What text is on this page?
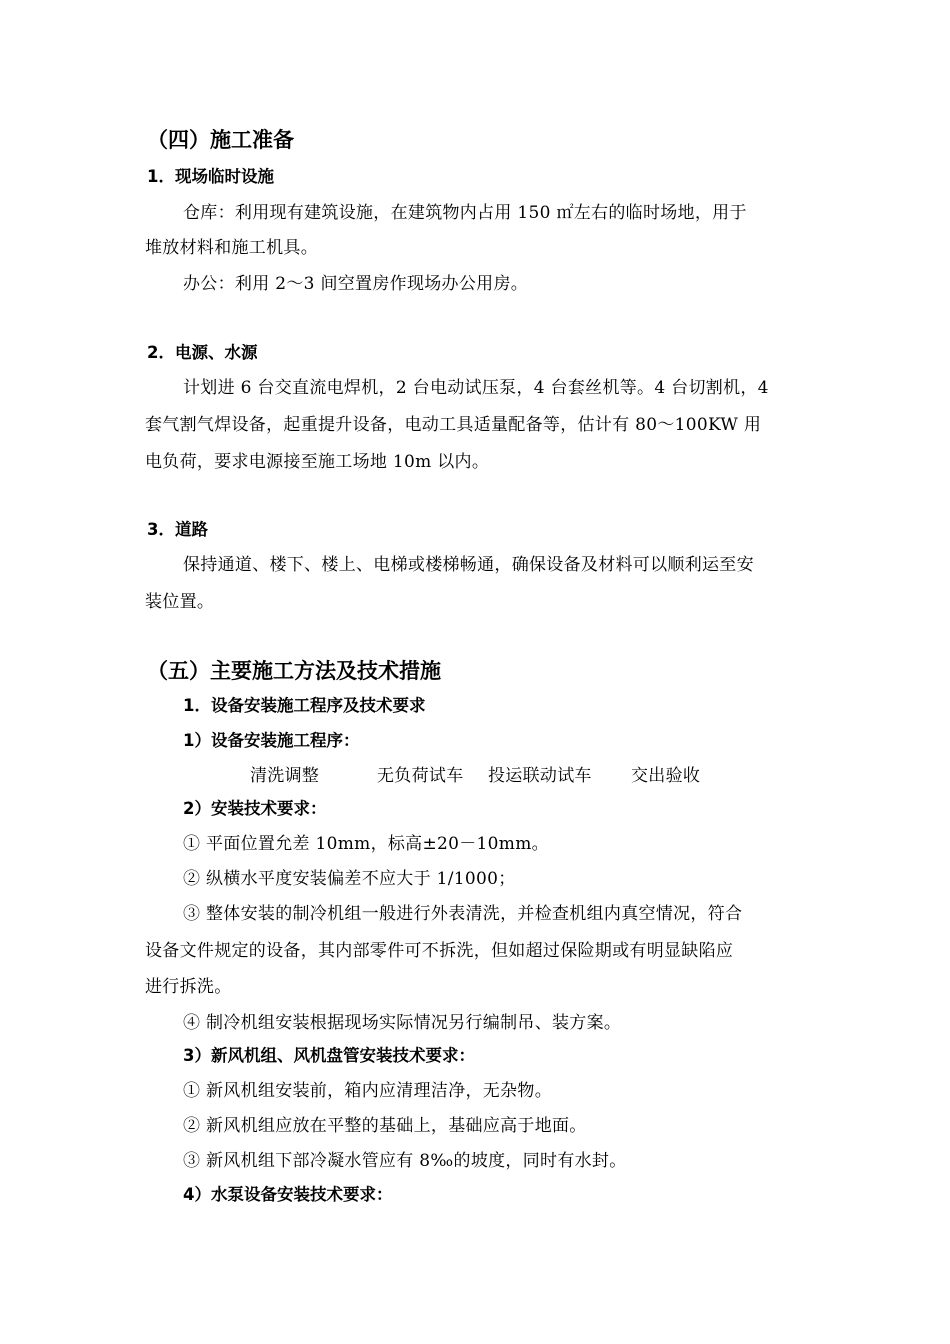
（四）施工准备
1．现场临时设施
仓库：利用现有建筑设施，在建筑物内占用 150 ㎡左右的临时场地，用于
堆放材料和施工机具。
办公：利用 2～3 间空置房作现场办公用房。
2．电源、水源
计划进 6 台交直流电焊机，2 台电动试压泵，4 台套丝机等。4 台切割机，4
套气割气焊设备，起重提升设备，电动工具适量配备等，估计有 80～100KW 用
电负荷，要求电源接至施工场地 10m 以内。
3．道路
保持通道、楼下、楼上、电梯或楼梯畅通，确保设备及材料可以顺利运至安
装位置。
（五）主要施工方法及技术措施
1．设备安装施工程序及技术要求
1）设备安装施工程序：
清洗调整	无负荷试车 投运联动试车 交出验收
2）安装技术要求：
① 平面位置允差 10mm，标高±20－10mm。
② 纵横水平度安装偏差不应大于 1/1000；
③ 整体安装的制冷机组一般进行外表清洗，并检查机组内真空情况，符合
设备文件规定的设备，其内部零件可不拆洗，但如超过保险期或有明显缺陷应
进行拆洗。
④ 制冷机组安装根据现场实际情况另行编制吊、装方案。
3）新风机组、风机盘管安装技术要求：
① 新风机组安装前，箱内应清理洁净，无杂物。
② 新风机组应放在平整的基础上，基础应高于地面。
③ 新风机组下部冷凝水管应有 8‰的坡度，同时有水封。
4）水泵设备安装技术要求：
